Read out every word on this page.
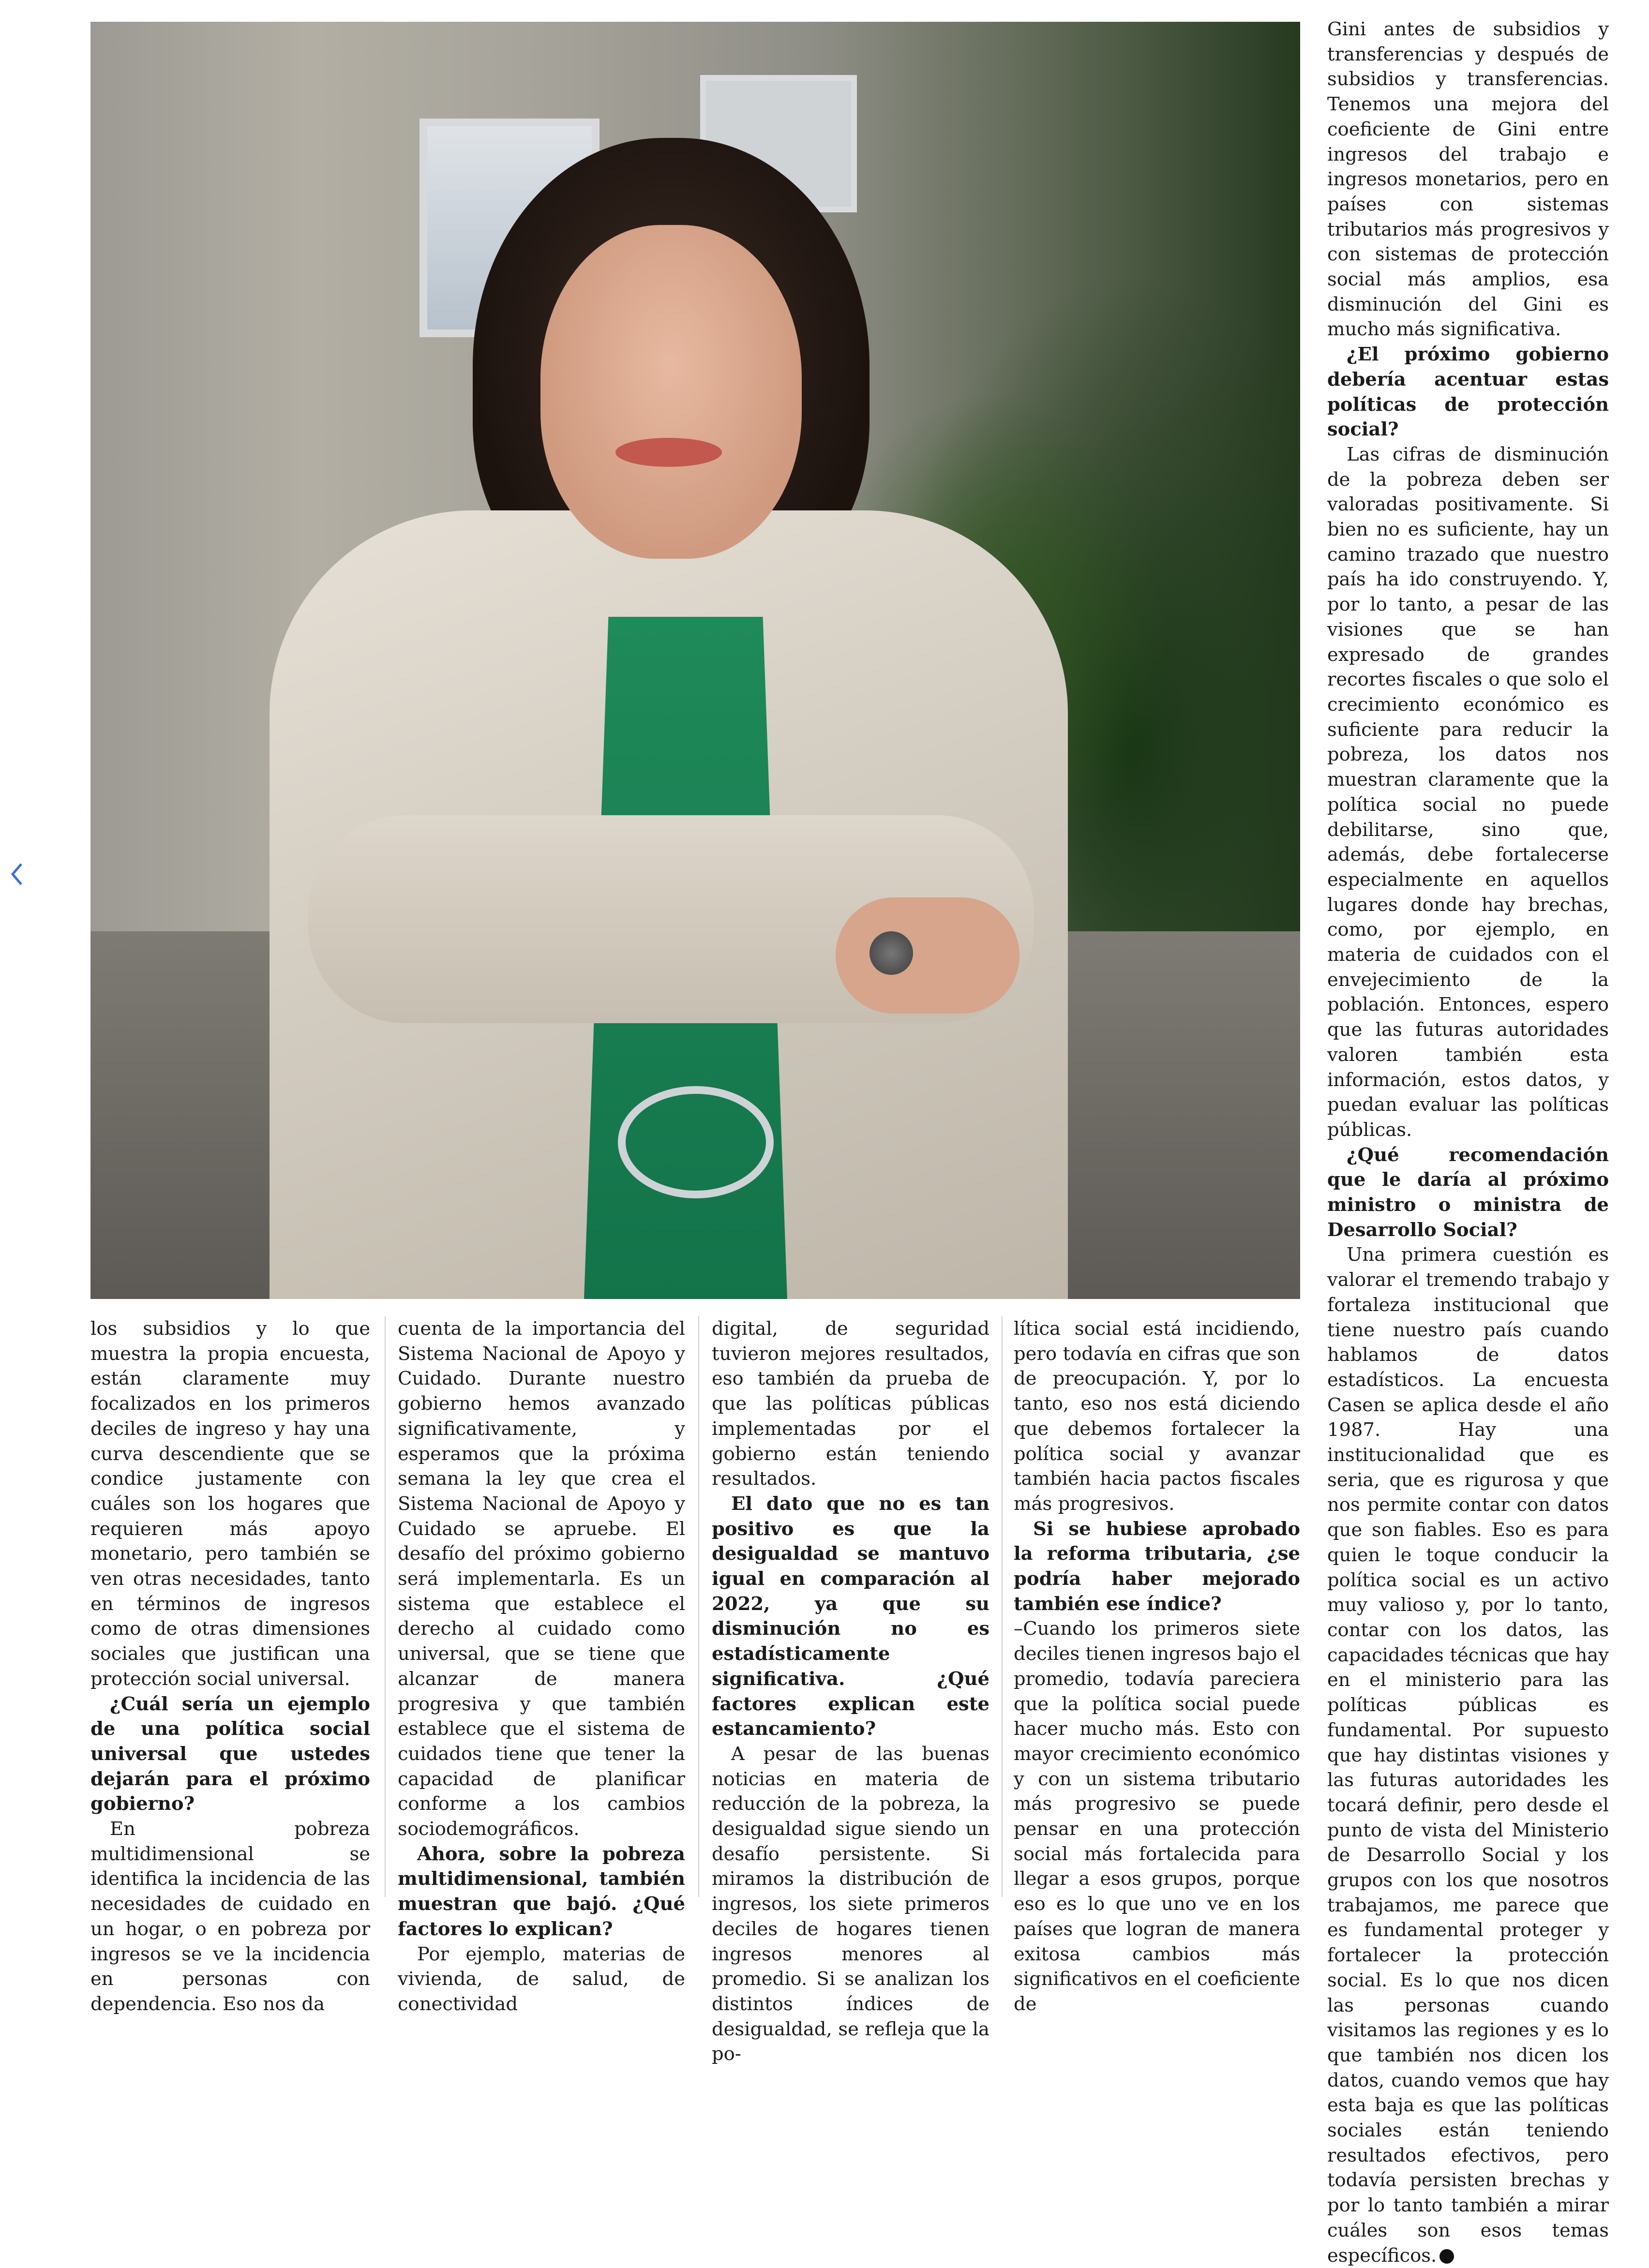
los subsidios y lo que muestra la propia encuesta, están claramente muy focalizados en los primeros deciles de ingreso y hay una curva descendiente que se condice justamente con cuáles son los hogares que requieren más apoyo monetario, pero también se ven otras necesidades, tanto en términos de ingresos como de otras dimensiones sociales que justifican una protección social universal.

¿Cuál sería un ejemplo de una política social universal que ustedes dejarán para el próximo gobierno?

En pobreza multidimensional se identifica la incidencia de las necesidades de cuidado en un hogar, o en pobreza por ingresos se ve la incidencia en personas con dependencia. Eso nos da

cuenta de la importancia del Sistema Nacional de Apoyo y Cuidado. Durante nuestro gobierno hemos avanzado significativamente, y esperamos que la próxima semana la ley que crea el Sistema Nacional de Apoyo y Cuidado se apruebe. El desafío del próximo gobierno será implementarla. Es un sistema que establece el derecho al cuidado como universal, que se tiene que alcanzar de manera progresiva y que también establece que el sistema de cuidados tiene que tener la capacidad de planificar conforme a los cambios sociodemográficos.

Ahora, sobre la pobreza multidimensional, también muestran que bajó. ¿Qué factores lo explican?

Por ejemplo, materias de vivienda, de salud, de conectividad

digital, de seguridad tuvieron mejores resultados, eso también da prueba de que las políticas públicas implementadas por el gobierno están teniendo resultados.

El dato que no es tan positivo es que la desigualdad se mantuvo igual en comparación al 2022, ya que su disminución no es estadísticamente significativa. ¿Qué factores explican este estancamiento?

A pesar de las buenas noticias en materia de reducción de la pobreza, la desigualdad sigue siendo un desafío persistente. Si miramos la distribución de ingresos, los siete primeros deciles de hogares tienen ingresos menores al promedio. Si se analizan los distintos índices de desigualdad, se refleja que la po-

lítica social está incidiendo, pero todavía en cifras que son de preocupación. Y, por lo tanto, eso nos está diciendo que debemos fortalecer la política social y avanzar también hacia pactos fiscales más progresivos.

Si se hubiese aprobado la reforma tributaria, ¿se podría haber mejorado también ese índice?

–Cuando los primeros siete deciles tienen ingresos bajo el promedio, todavía pareciera que la política social puede hacer mucho más. Esto con mayor crecimiento económico y con un sistema tributario más progresivo se puede pensar en una protección social más fortalecida para llegar a esos grupos, porque eso es lo que uno ve en los países que logran de manera exitosa cambios más significativos en el coeficiente de

Gini antes de subsidios y transferencias y después de subsidios y transferencias. Tenemos una mejora del coeficiente de Gini entre ingresos del trabajo e ingresos monetarios, pero en países con sistemas tributarios más progresivos y con sistemas de protección social más amplios, esa disminución del Gini es mucho más significativa.

¿El próximo gobierno debería acentuar estas políticas de protección social?

Las cifras de disminución de la pobreza deben ser valoradas positivamente. Si bien no es suficiente, hay un camino trazado que nuestro país ha ido construyendo. Y, por lo tanto, a pesar de las visiones que se han expresado de grandes recortes fiscales o que solo el crecimiento económico es suficiente para reducir la pobreza, los datos nos muestran claramente que la política social no puede debilitarse, sino que, además, debe fortalecerse especialmente en aquellos lugares donde hay brechas, como, por ejemplo, en materia de cuidados con el envejecimiento de la población. Entonces, espero que las futuras autoridades valoren también esta información, estos datos, y puedan evaluar las políticas públicas.

¿Qué recomendación que le daría al próximo ministro o ministra de Desarrollo Social?

Una primera cuestión es valorar el tremendo trabajo y fortaleza institucional que tiene nuestro país cuando hablamos de datos estadísticos. La encuesta Casen se aplica desde el año 1987. Hay una institucionalidad que es seria, que es rigurosa y que nos permite contar con datos que son fiables. Eso es para quien le toque conducir la política social es un activo muy valioso y, por lo tanto, contar con los datos, las capacidades técnicas que hay en el ministerio para las políticas públicas es fundamental. Por supuesto que hay distintas visiones y las futuras autoridades les tocará definir, pero desde el punto de vista del Ministerio de Desarrollo Social y los grupos con los que nosotros trabajamos, me parece que es fundamental proteger y fortalecer la protección social. Es lo que nos dicen las personas cuando visitamos las regiones y es lo que también nos dicen los datos, cuando vemos que hay esta baja es que las políticas sociales están teniendo resultados efectivos, pero todavía persisten brechas y por lo tanto también a mirar cuáles son esos temas específicos.
